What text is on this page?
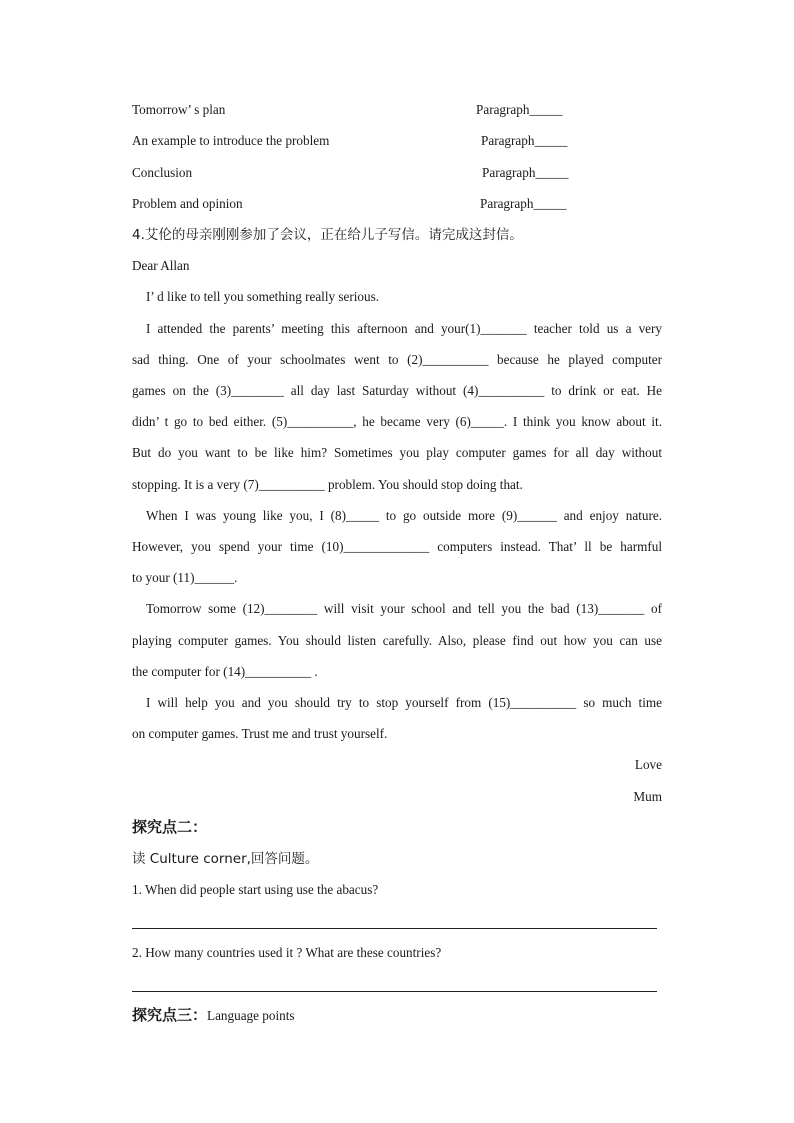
Tomorrow’ s plan	Paragraph_____
An example to introduce the problem	Paragraph_____
Conclusion	Paragraph_____
Problem and opinion	Paragraph_____
4.艾伦的母亲刚刚参加了会议，正在给儿子写信。请完成这封信。
Dear Allan
I’ d like to tell you something really serious.
I attended the parents’ meeting this afternoon and your(1)_______ teacher told us a very
sad thing. One of your schoolmates went to (2)__________ because he played computer
games on the (3)________ all day last Saturday without (4)__________ to drink or eat. He
didn’ t go to bed either. (5)__________, he became very (6)_____. I think you know about it.
But do you want to be like him? Sometimes you play computer games for all day without
stopping. It is a very (7)__________ problem. You should stop doing that.
When I was young like you, I (8)_____ to go outside more (9)______ and enjoy nature.
However, you spend your time (10)_____________ computers instead. That’ ll be harmful
to your (11)______.
Tomorrow some (12)________ will visit your school and tell you the bad (13)_______ of
playing computer games. You should listen carefully. Also, please find out how you can use
the computer for (14)__________ .
I will help you and you should try to stop yourself from (15)__________ so much time
on computer games. Trust me and trust yourself.
Love
Mum
探究点二：
读 Culture corner,回答问题。
1. When did people start using use the abacus?
2. How many countries used it ? What are these countries?
探究点三：Language points
